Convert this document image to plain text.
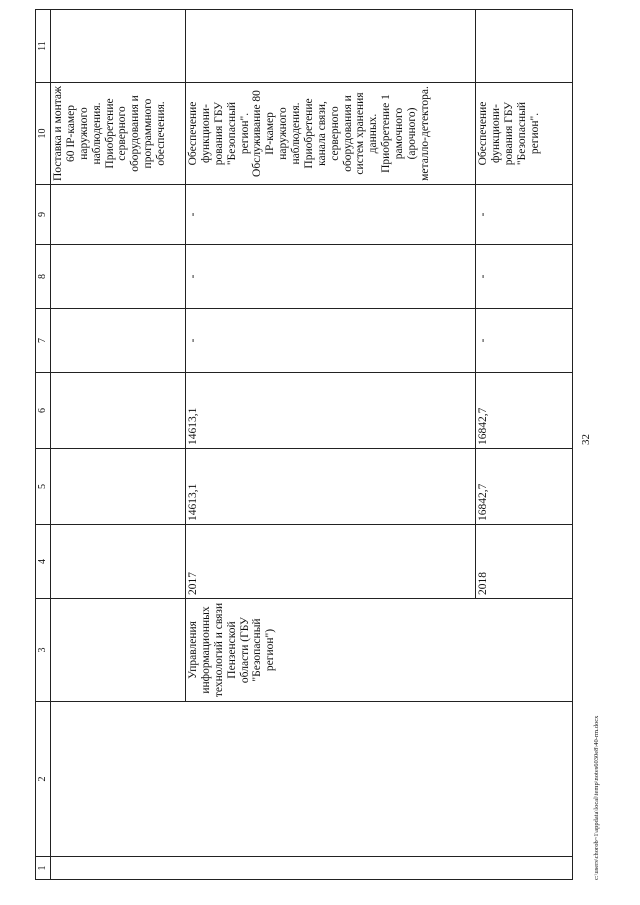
1	2	3	4	5	6	7	8	9	10	11
									Поставка и монтаж 60 IP-камер наружного наблюдения. Приобретение серверного оборудования и программного обеспечения.	
		Управления информационных технологий и связи Пензенской области (ГБУ "Безопасный регион")	2017	14613,1	14613,1	-	-	-	Обеспечение функциони-рования ГБУ "Безопасный регион". Обслуживание 80 IP-камер наружного наблюдения. Приобретение канала связи, серверного оборудования и систем хранения данных. Приобретение 1 рамочного (арочного) металло-детектора.	
			2018	16842,7	16842,7	-	-	-	Обеспечение функциони-рования ГБУ "Безопасный регион".	
32
c:\users\chorob~1\appdata\local\temp\notes6030e8\40-rm.docx
